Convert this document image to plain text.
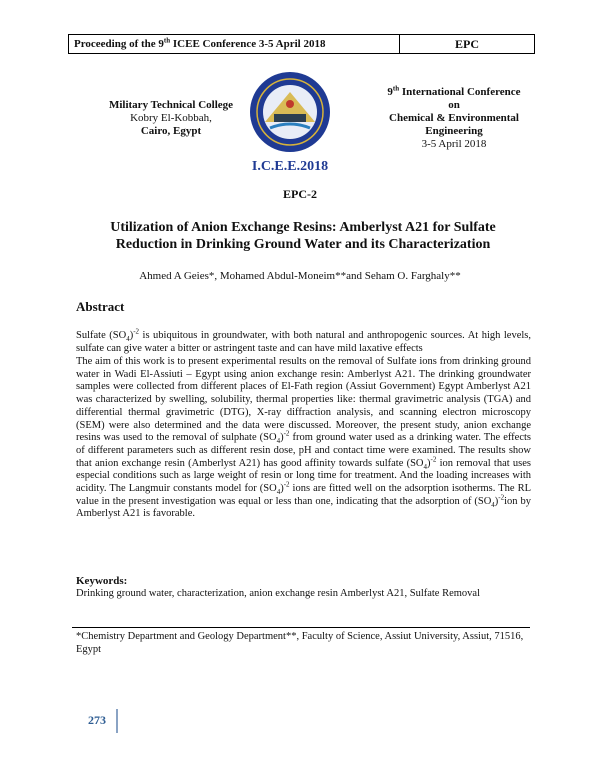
Proceeding of the 9th ICEE Conference 3-5 April 2018	EPC
Military Technical College
Kobry El-Kobbah,
Cairo, Egypt
I.C.E.E.2018
9th International Conference
on
Chemical & Environmental
Engineering
3-5 April 2018
EPC-2
Utilization of Anion Exchange Resins: Amberlyst A21 for Sulfate
Reduction in Drinking Ground Water and its Characterization
Ahmed A Geies*, Mohamed Abdul-Moneim**and Seham O. Farghaly**
Abstract
Sulfate $(SO_4)^{-2}$ is ubiquitous in groundwater, with both natural and anthropogenic sources. At high levels, sulfate can give water a bitter or astringent taste and can have mild laxative effects
The aim of this work is to present experimental results on the removal of Sulfate ions from drinking ground water in Wadi El-Assiuti – Egypt using anion exchange resin: Amberlyst A21. The drinking groundwater samples were collected from different places of El-Fath region (Assiut Government) Egypt Amberlyst A21 was characterized by swelling, solubility, thermal properties like: thermal gravimetric analysis (TGA) and differential thermal gravimetric (DTG), X-ray diffraction analysis, and scanning electron microscopy (SEM) were also determined and the data were discussed. Moreover, the present study, anion exchange resins was used to the removal of sulphate $(SO_4)^{-2}$ from ground water used as a drinking water. The effects of different parameters such as different resin dose, pH and contact time were examined. The results show that anion exchange resin (Amberlyst A21) has good affinity towards sulfate $(SO_4)^{-2}$ ion removal that uses especial conditions such as large weight of resin or long time for treatment. And the loading increases with acidity. The Langmuir constants model for $(SO_4)^{-2}$ ions are fitted well on the adsorption isotherms. The RL value in the present investigation was equal or less than one, indicating that the adsorption of $(SO_4)^{-2}ion$ by Amberlyst A21 is favorable.
Keywords:
Drinking ground water, characterization, anion exchange resin Amberlyst A21, Sulfate Removal
*Chemistry Department and Geology Department**, Faculty of Science, Assiut University, Assiut, 71516, Egypt
273
